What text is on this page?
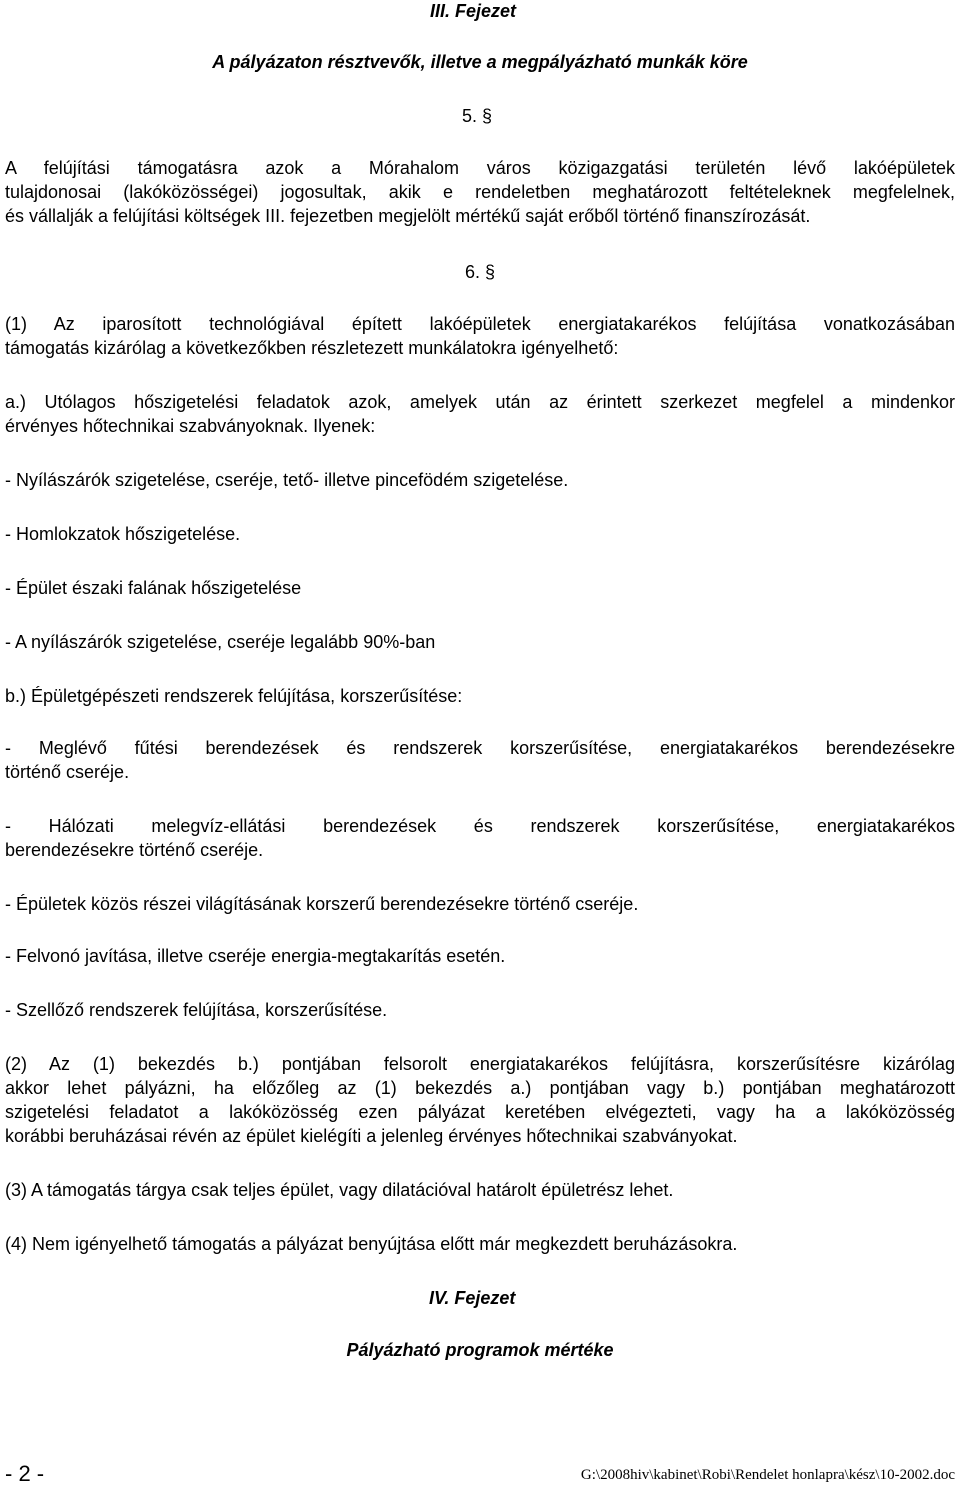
III. Fejezet
A pályázaton résztvevők, illetve a megpályázható munkák köre
5. §
A felújítási támogatásra azok a Mórahalom város közigazgatási területén lévő lakóépületek
tulajdonosai (lakóközösségei) jogosultak, akik e rendeletben meghatározott feltételeknek megfelelnek,
és vállalják a felújítási költségek III. fejezetben megjelölt mértékű saját erőből történő finanszírozását.
6. §
(1) Az iparosított technológiával épített lakóépületek energiatakarékos felújítása vonatkozásában
támogatás kizárólag a következőkben részletezett munkálatokra igényelhető:
a.) Utólagos hőszigetelési feladatok azok, amelyek után az érintett szerkezet megfelel a mindenkor
érvényes hőtechnikai szabványoknak. Ilyenek:
- Nyílászárók szigetelése, cseréje, tető- illetve pincefödém szigetelése.
- Homlokzatok hőszigetelése.
- Épület északi falának hőszigetelése
- A nyílászárók szigetelése, cseréje legalább 90%-ban
b.) Épületgépészeti rendszerek felújítása, korszerűsítése:
- Meglévő fűtési berendezések és rendszerek korszerűsítése, energiatakarékos berendezésekre
történő cseréje.
- Hálózati melegvíz-ellátási berendezések és rendszerek korszerűsítése, energiatakarékos
berendezésekre történő cseréje.
- Épületek közös részei világításának korszerű berendezésekre történő cseréje.
- Felvonó javítása, illetve cseréje energia-megtakarítás esetén.
- Szellőző rendszerek felújítása, korszerűsítése.
(2) Az (1) bekezdés b.) pontjában felsorolt energiatakarékos felújításra, korszerűsítésre kizárólag
akkor lehet pályázni, ha előzőleg az (1) bekezdés a.) pontjában vagy b.) pontjában meghatározott
szigetelési feladatot a lakóközösség ezen pályázat keretében elvégezteti, vagy ha a lakóközösség
korábbi beruházásai révén az épület kielégíti a jelenleg érvényes hőtechnikai szabványokat.
(3) A támogatás tárgya csak teljes épület, vagy dilatációval határolt épületrész lehet.
(4) Nem igényelhető támogatás a pályázat benyújtása előtt már megkezdett beruházásokra.
IV. Fejezet
Pályázható programok mértéke
- 2 -	G:\2008hiv\kabinet\Robi\Rendelet honlapra\kész\10-2002.doc
